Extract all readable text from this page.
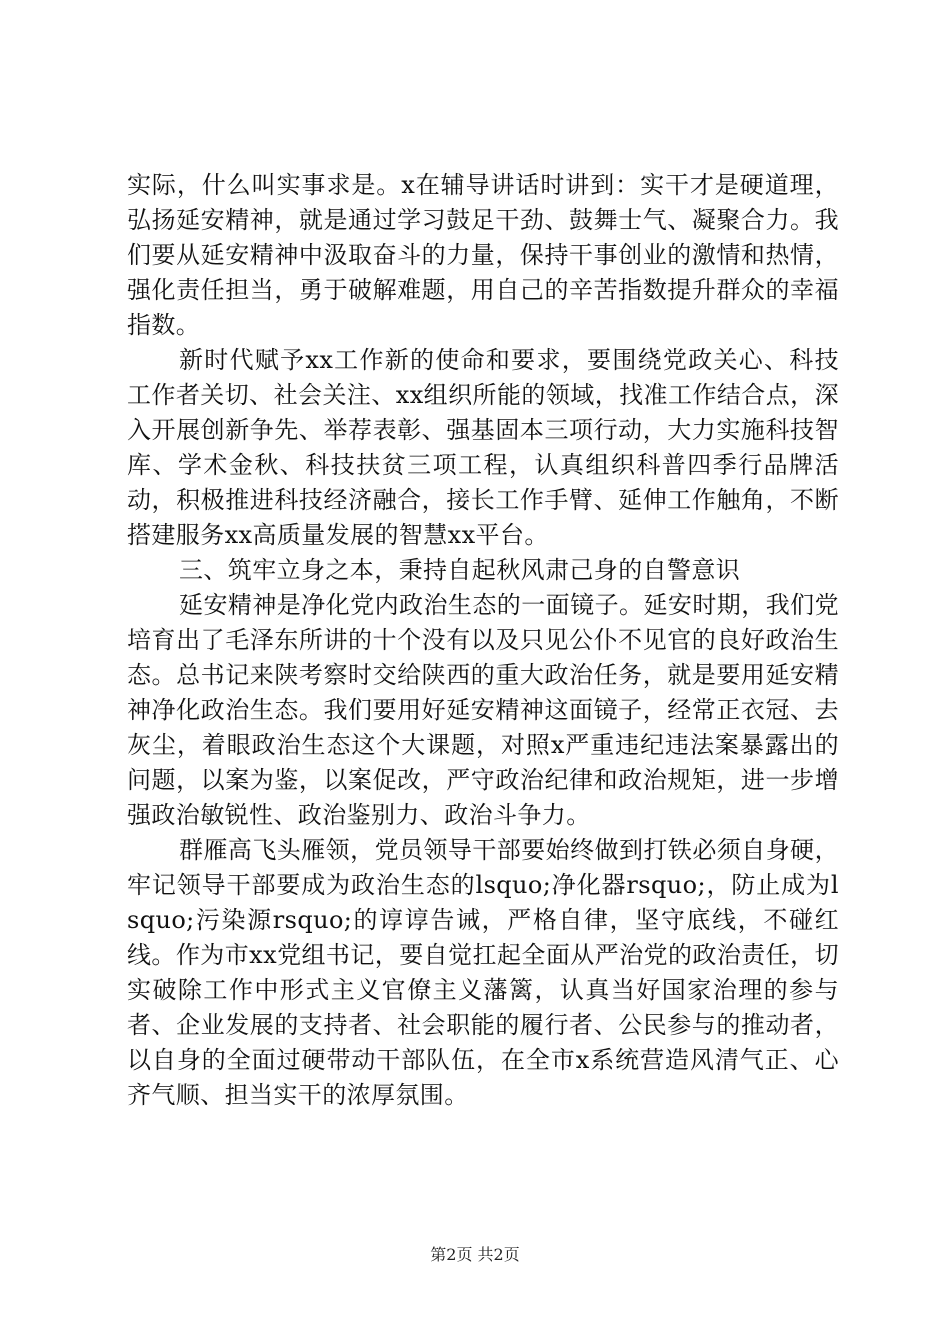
实际，什么叫实事求是。x在辅导讲话时讲到：实干才是硬道理，弘扬延安精神，就是通过学习鼓足干劲、鼓舞士气、凝聚合力。我们要从延安精神中汲取奋斗的力量，保持干事创业的激情和热情，强化责任担当，勇于破解难题，用自己的辛苦指数提升群众的幸福指数。

新时代赋予xx工作新的使命和要求，要围绕党政关心、科技工作者关切、社会关注、xx组织所能的领域，找准工作结合点，深入开展创新争先、举荐表彰、强基固本三项行动，大力实施科技智库、学术金秋、科技扶贫三项工程，认真组织科普四季行品牌活动，积极推进科技经济融合，接长工作手臂、延伸工作触角，不断搭建服务xx高质量发展的智慧xx平台。

三、筑牢立身之本，秉持自起秋风肃己身的自警意识

延安精神是净化党内政治生态的一面镜子。延安时期，我们党培育出了毛泽东所讲的十个没有以及只见公仆不见官的良好政治生态。总书记来陕考察时交给陕西的重大政治任务，就是要用延安精神净化政治生态。我们要用好延安精神这面镜子，经常正衣冠、去灰尘，着眼政治生态这个大课题，对照x严重违纪违法案暴露出的问题，以案为鉴，以案促改，严守政治纪律和政治规矩，进一步增强政治敏锐性、政治鉴别力、政治斗争力。

群雁高飞头雁领，党员领导干部要始终做到打铁必须自身硬，牢记领导干部要成为政治生态的lsquo;净化器rsquo;，防止成为lsquo;污染源rsquo;的谆谆告诫，严格自律，坚守底线，不碰红线。作为市xx党组书记，要自觉扛起全面从严治党的政治责任，切实破除工作中形式主义官僚主义藩篱，认真当好国家治理的参与者、企业发展的支持者、社会职能的履行者、公民参与的推动者，以自身的全面过硬带动干部队伍，在全市x系统营造风清气正、心齐气顺、担当实干的浓厚氛围。

第2页 共2页
